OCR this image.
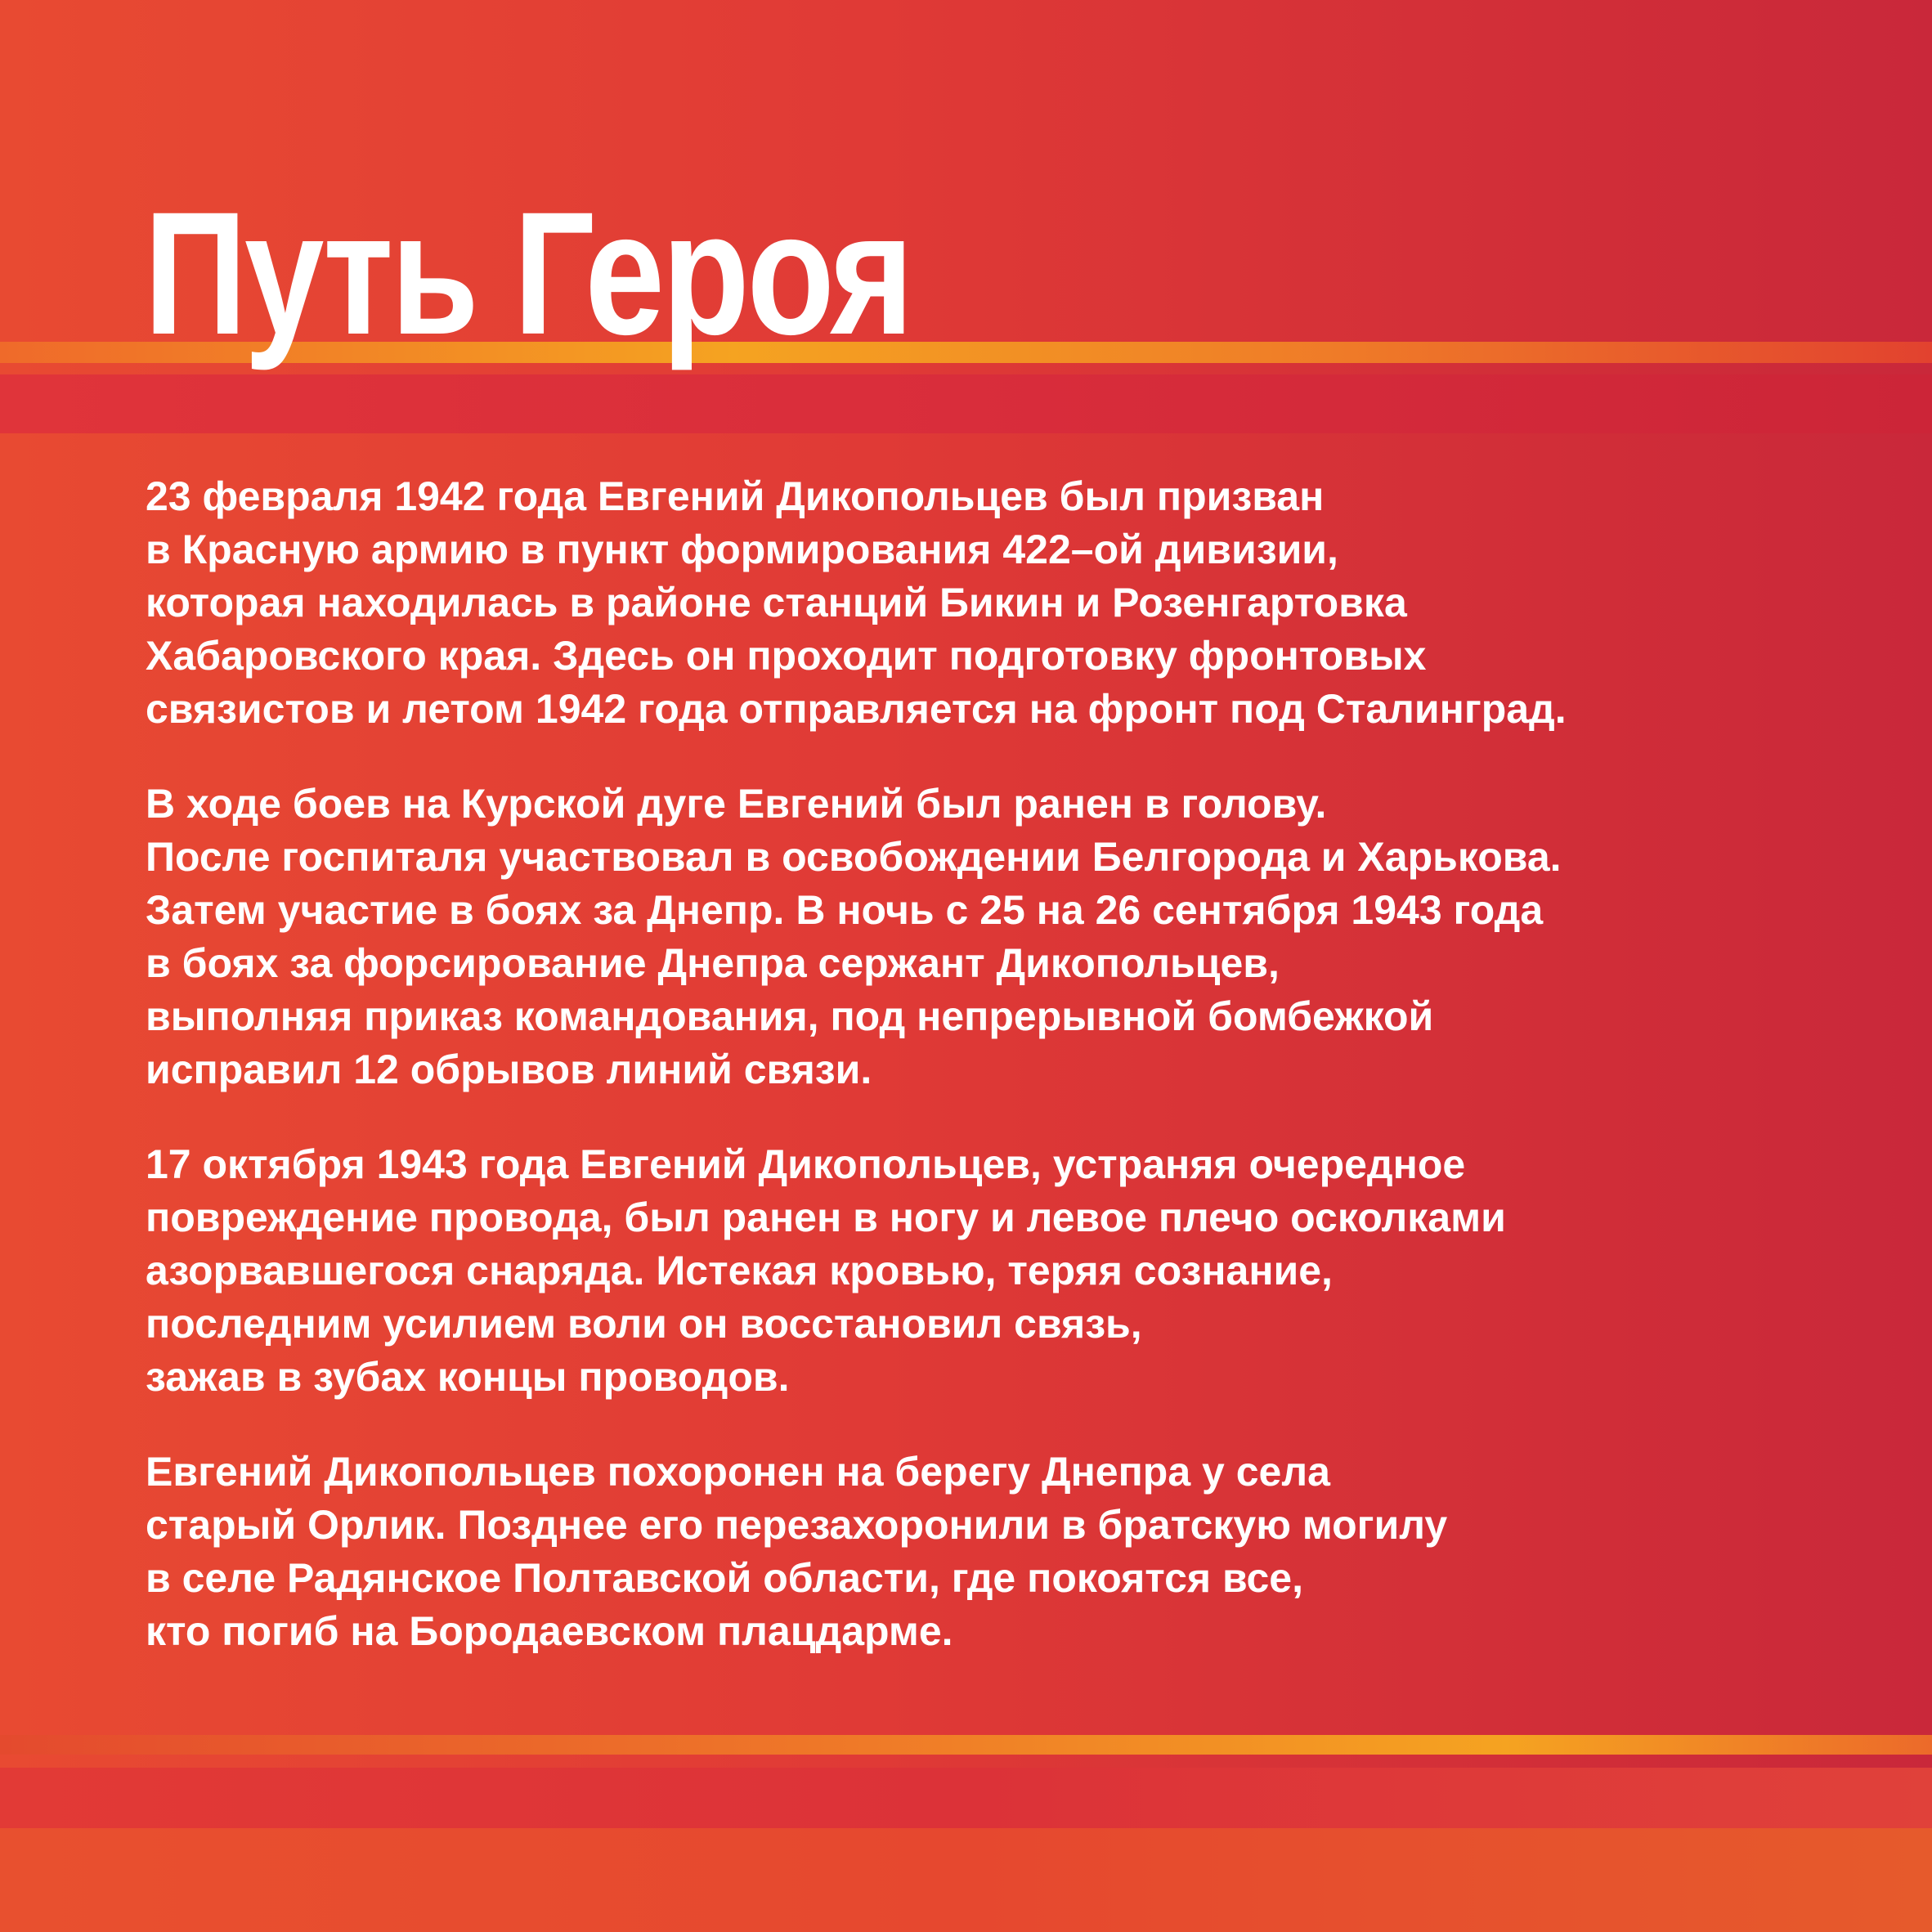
Путь Героя

23 февраля 1942 года Евгений Дикопольцев был призван
в Красную армию в пункт формирования 422–ой дивизии,
которая находилась в районе станций Бикин и Розенгартовка
Хабаровского края. Здесь он проходит подготовку фронтовых
связистов и летом 1942 года отправляется на фронт под Сталинград.

В ходе боев на Курской дуге Евгений был ранен в голову.
После госпиталя участвовал в освобождении Белгорода и Харькова.
Затем участие в боях за Днепр. В ночь с 25 на 26 сентября 1943 года
в боях за форсирование Днепра сержант Дикопольцев,
выполняя приказ командования, под непрерывной бомбежкой
исправил 12 обрывов линий связи.

17 октября 1943 года Евгений Дикопольцев, устраняя очередное
повреждение провода, был ранен в ногу и левое плечо осколками
азорвавшегося снаряда. Истекая кровью, теряя сознание,
последним усилием воли он восстановил связь,
зажав в зубах концы проводов.

Евгений Дикопольцев похоронен на берегу Днепра у села
старый Орлик. Позднее его перезахоронили в братскую могилу
в селе Радянское Полтавской области, где покоятся все,
кто погиб на Бородаевском плацдарме.
